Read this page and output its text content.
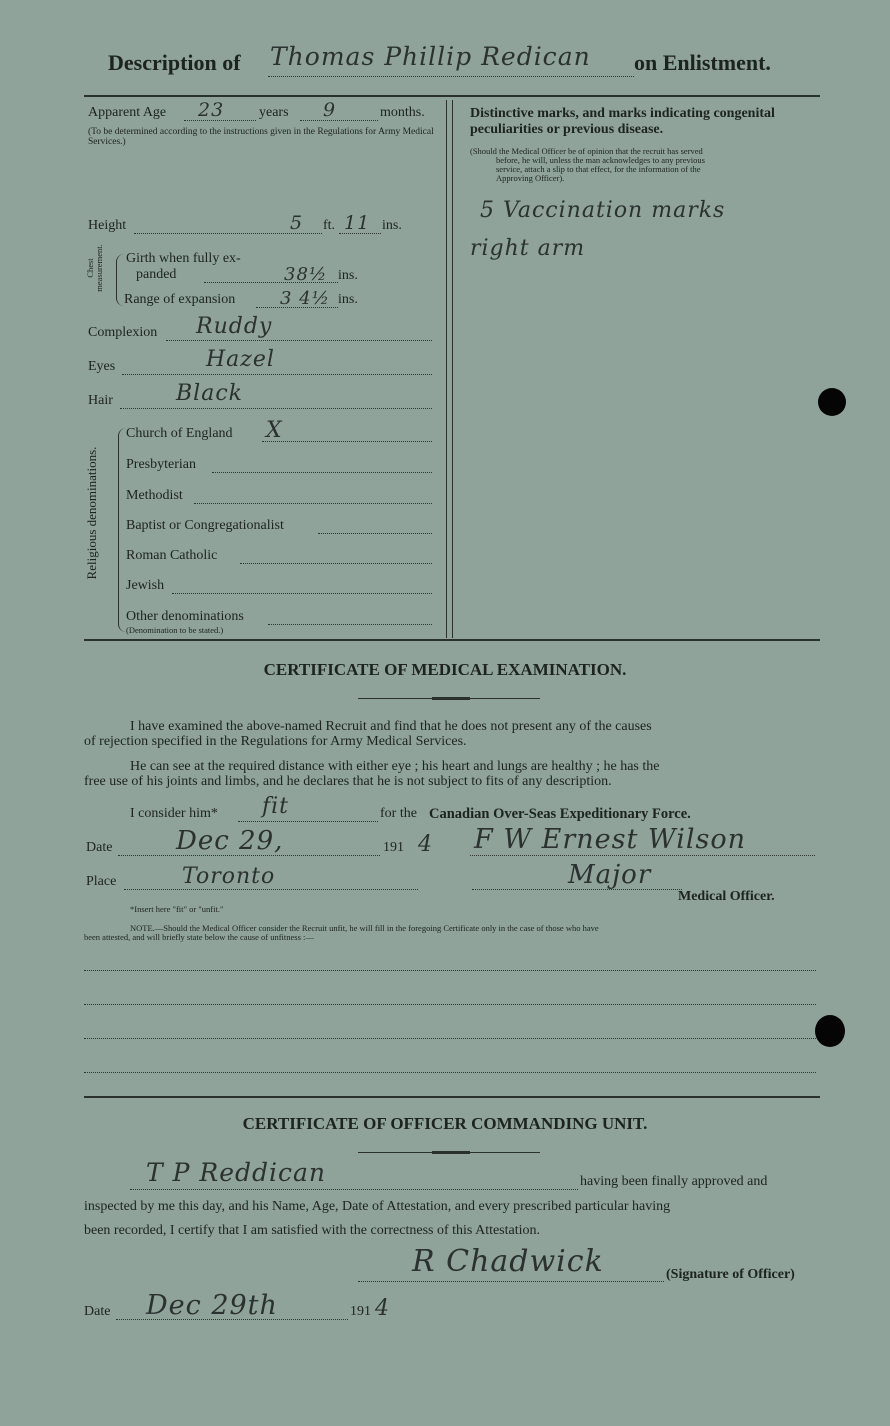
Description of Thomas Phillip Redican on Enlistment.
Apparent Age 23 years 9	months.
(To be determined according to the instructions given in the Regulations for Army Medical Services.)
Height	5 ft. 11 ins.
Chest measurement. Girth when fully ex-
panded	38½ ins.
Range of expansion 3 4½ ins.
Complexion Ruddy
Eyes	Hazel
Hair	Black
Religious denominations.
Church of England X
Presbyterian
Methodist
Baptist or Congregationalist
Roman Catholic
Jewish
Other denominations
(Denomination to be stated.)
Distinctive marks, and marks indicating congenital
peculiarities or previous disease.
(Should the Medical Officer be of opinion that the recruit has served
before, he will, unless the man acknowledges to any previous
service, attach a slip to that effect, for the information of the
Approving Officer).
5 Vaccination marks
right arm
CERTIFICATE OF MEDICAL EXAMINATION.
I have examined the above-named Recruit and find that he does not present any of the causes
of rejection specified in the Regulations for Army Medical Services.
He can see at the required distance with either eye ; his heart and lungs are healthy ; he has the
free use of his joints and limbs, and he declares that he is not subject to fits of any description.
I consider him* fit	for the Canadian Over-Seas Expeditionary Force.
Date Dec 29,	191 4 F W Ernest Wilson
Place	Toronto	Major
Medical Officer.
*Insert here "fit" or "unfit."
NOTE.—Should the Medical Officer consider the Recruit unfit, he will fill in the foregoing Certificate only in the case of those who have
been attested, and will briefly state below the cause of unfitness :—
CERTIFICATE OF OFFICER COMMANDING UNIT.
T P Reddican	having been finally approved and
inspected by me this day, and his Name, Age, Date of Attestation, and every prescribed particular having
been recorded, I certify that I am satisfied with the correctness of this Attestation.
R Chadwick	(Signature of Officer)
Date Dec 29th	191 4
